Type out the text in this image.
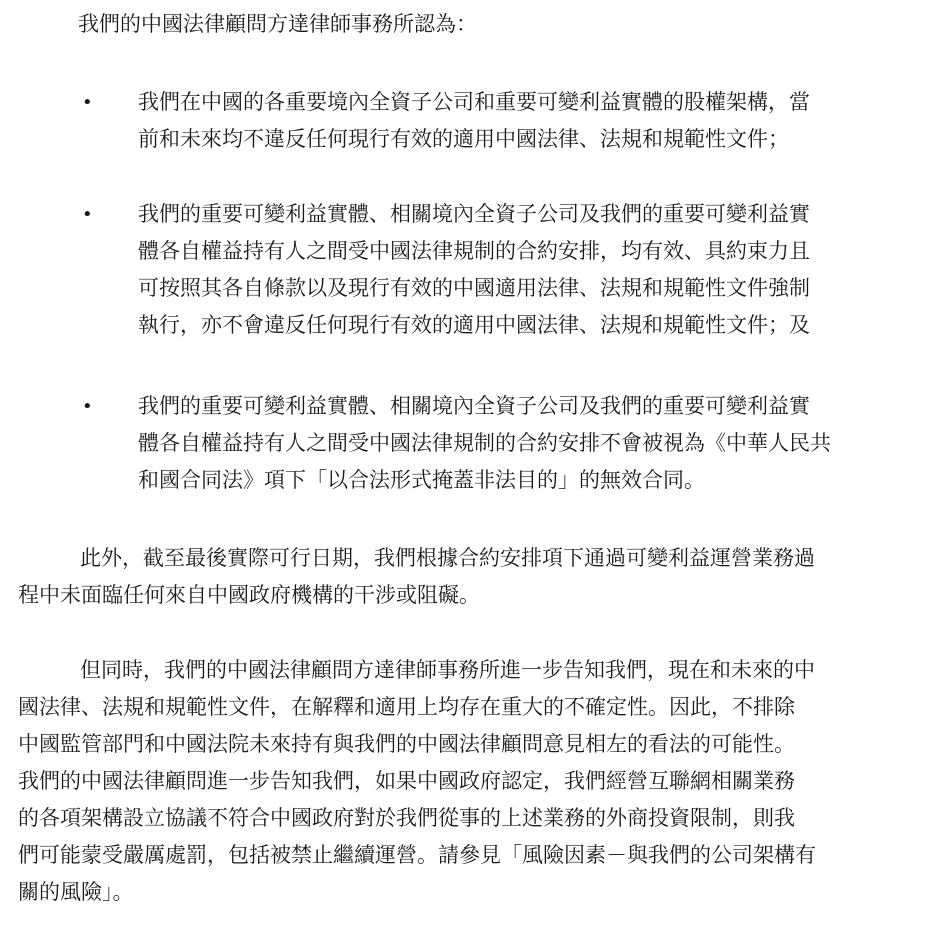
我們的中國法律顧問方達律師事務所認為：

• 我們在中國的各重要境內全資子公司和重要可變利益實體的股權架構，當
前和未來均不違反任何現行有效的適用中國法律、法規和規範性文件；

• 我們的重要可變利益實體、相關境內全資子公司及我們的重要可變利益實
體各自權益持有人之間受中國法律規制的合約安排，均有效、具約束力且
可按照其各自條款以及現行有效的中國適用法律、法規和規範性文件強制
執行，亦不會違反任何現行有效的適用中國法律、法規和規範性文件；及

• 我們的重要可變利益實體、相關境內全資子公司及我們的重要可變利益實
體各自權益持有人之間受中國法律規制的合約安排不會被視為《中華人民共
和國合同法》項下「以合法形式掩蓋非法目的」的無效合同。

此外，截至最後實際可行日期，我們根據合約安排項下通過可變利益運營業務過
程中未面臨任何來自中國政府機構的干涉或阻礙。

但同時，我們的中國法律顧問方達律師事務所進一步告知我們，現在和未來的中
國法律、法規和規範性文件，在解釋和適用上均存在重大的不確定性。因此，不排除
中國監管部門和中國法院未來持有與我們的中國法律顧問意見相左的看法的可能性。
我們的中國法律顧問進一步告知我們，如果中國政府認定，我們經營互聯網相關業務
的各項架構設立協議不符合中國政府對於我們從事的上述業務的外商投資限制，則我
們可能蒙受嚴厲處罰，包括被禁止繼續運營。請參見「風險因素－與我們的公司架構有
關的風險」。
